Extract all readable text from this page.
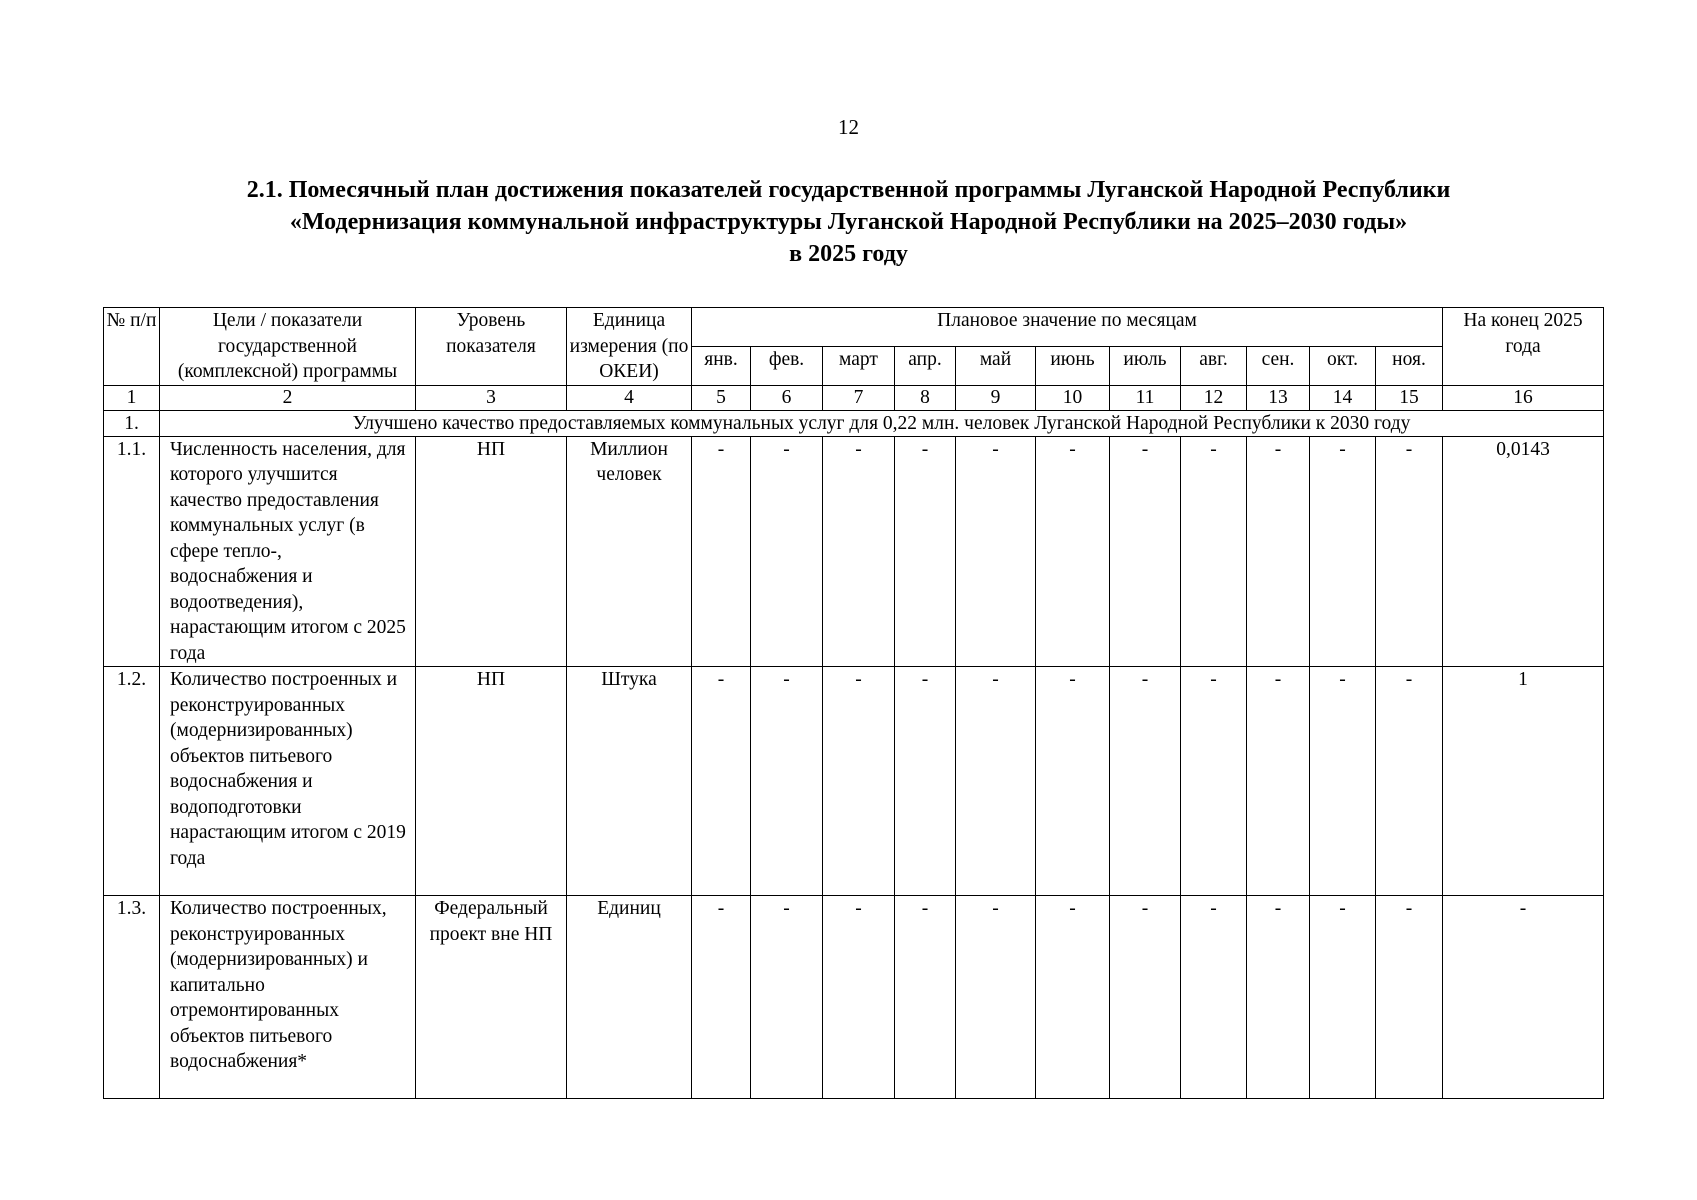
12
2.1. Помесячный план достижения показателей государственной программы Луганской Народной Республики
«Модернизация коммунальной инфраструктуры Луганской Народной Республики на 2025–2030 годы»
в 2025 году
№ п/п	Цели / показатели государственной (комплексной) программы	Уровень показателя	Единица измерения (по ОКЕИ)	Плановое значение по месяцам											На конец 2025 года
				янв.	фев.	март	апр.	май	июнь	июль	авг.	сен.	окт.	ноя.	
1	2	3	4	5	6	7	8	9	10	11	12	13	14	15	16
1.	Улучшено качество предоставляемых коммунальных услуг для 0,22 млн. человек Луганской Народной Республики к 2030 году														
1.1.	Численность населения, для которого улучшится качество предоставления коммунальных услуг (в сфере тепло-, водоснабжения и водоотведения), нарастающим итогом с 2025 года	НП	Миллион человек	-	-	-	-	-	-	-	-	-	-	-	0,0143
1.2.	Количество построенных и реконструированных (модернизированных) объектов питьевого водоснабжения и водоподготовки нарастающим итогом с 2019 года	НП	Штука	-	-	-	-	-	-	-	-	-	-	-	1
1.3.	Количество построенных, реконструированных (модернизированных) и капитально отремонтированных объектов питьевого водоснабжения*	Федеральный проект вне НП	Единиц	-	-	-	-	-	-	-	-	-	-	-	-
